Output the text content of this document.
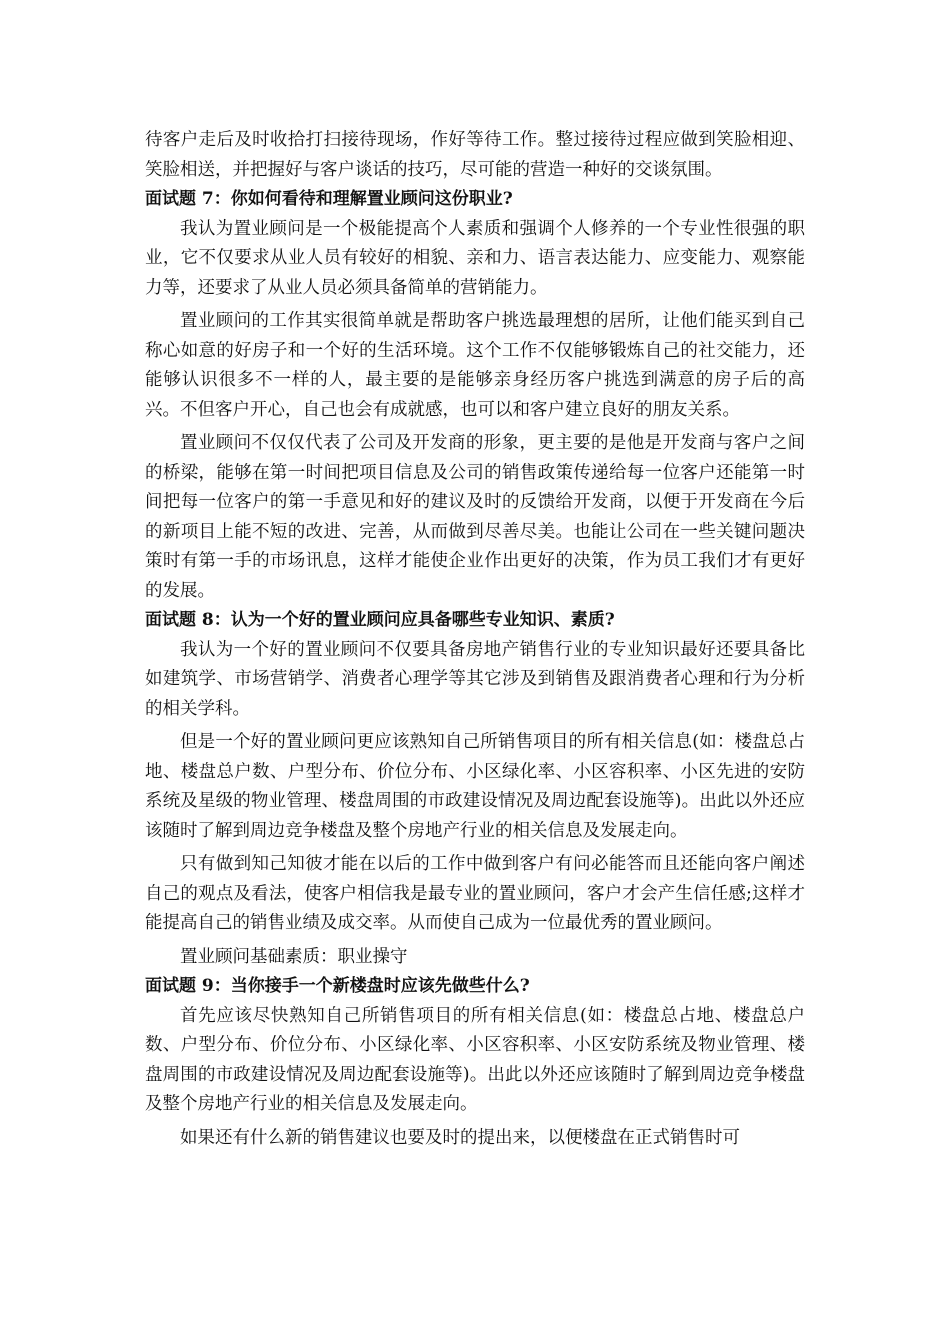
待客户走后及时收拾打扫接待现场，作好等待工作。整过接待过程应做到笑脸相迎、笑脸相送，并把握好与客户谈话的技巧，尽可能的营造一种好的交谈氛围。

面试题 7：你如何看待和理解置业顾问这份职业?

我认为置业顾问是一个极能提高个人素质和强调个人修养的一个专业性很强的职业，它不仅要求从业人员有较好的相貌、亲和力、语言表达能力、应变能力、观察能力等，还要求了从业人员必须具备简单的营销能力。

置业顾问的工作其实很简单就是帮助客户挑选最理想的居所，让他们能买到自己称心如意的好房子和一个好的生活环境。这个工作不仅能够锻炼自己的社交能力，还能够认识很多不一样的人，最主要的是能够亲身经历客户挑选到满意的房子后的高兴。不但客户开心，自己也会有成就感，也可以和客户建立良好的朋友关系。

置业顾问不仅仅代表了公司及开发商的形象，更主要的是他是开发商与客户之间的桥梁，能够在第一时间把项目信息及公司的销售政策传递给每一位客户还能第一时间把每一位客户的第一手意见和好的建议及时的反馈给开发商，以便于开发商在今后的新项目上能不短的改进、完善，从而做到尽善尽美。也能让公司在一些关键问题决策时有第一手的市场讯息，这样才能使企业作出更好的决策，作为员工我们才有更好的发展。

面试题 8：认为一个好的置业顾问应具备哪些专业知识、素质?

我认为一个好的置业顾问不仅要具备房地产销售行业的专业知识最好还要具备比如建筑学、市场营销学、消费者心理学等其它涉及到销售及跟消费者心理和行为分析的相关学科。

但是一个好的置业顾问更应该熟知自己所销售项目的所有相关信息(如：楼盘总占地、楼盘总户数、户型分布、价位分布、小区绿化率、小区容积率、小区先进的安防系统及星级的物业管理、楼盘周围的市政建设情况及周边配套设施等)。出此以外还应该随时了解到周边竞争楼盘及整个房地产行业的相关信息及发展走向。

只有做到知己知彼才能在以后的工作中做到客户有问必能答而且还能向客户阐述自己的观点及看法，使客户相信我是最专业的置业顾问，客户才会产生信任感;这样才能提高自己的销售业绩及成交率。从而使自己成为一位最优秀的置业顾问。

置业顾问基础素质：职业操守

面试题 9：当你接手一个新楼盘时应该先做些什么?

首先应该尽快熟知自己所销售项目的所有相关信息(如：楼盘总占地、楼盘总户数、户型分布、价位分布、小区绿化率、小区容积率、小区安防系统及物业管理、楼盘周围的市政建设情况及周边配套设施等)。出此以外还应该随时了解到周边竞争楼盘及整个房地产行业的相关信息及发展走向。

如果还有什么新的销售建议也要及时的提出来，以便楼盘在正式销售时可
